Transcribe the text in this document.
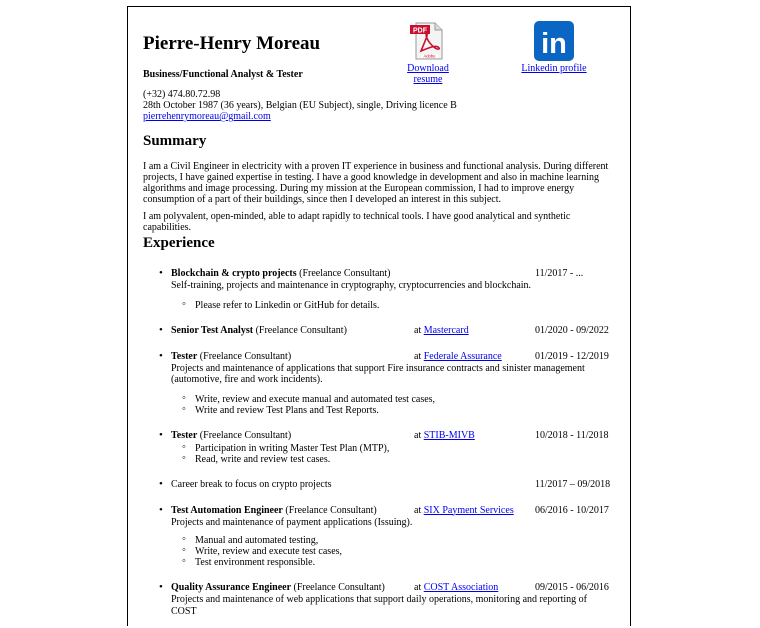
Pierre-Henry Moreau
Business/Functional Analyst & Tester
(+32) 474.80.72.98
28th October 1987 (36 years), Belgian (EU Subject), single, Driving licence B
pierrehenrymoreau@gmail.com
PDF
Adobe
Download resume
in
Linkedin profile
Summary

I am a Civil Engineer in electricity with a proven IT experience in business and functional analysis. During different projects, I have gained expertise in testing. I have a good knowledge in development and also in machine learning algorithms and image processing. During my mission at the European commission, I had to improve energy consumption of a part of their buildings, since then I developed an interest in this subject.

I am polyvalent, open-minded, able to adapt rapidly to technical tools. I have good analytical and synthetic capabilities.

Experience
• Blockchain & crypto projects (Freelance Consultant)	11/2017 - ...

Self-training, projects and maintenance in cryptography, cryptocurrencies and blockchain.

◦ Please refer to Linkedin or GitHub for details.
• Senior Test Analyst (Freelance Consultant)	at Mastercard	01/2020 - 09/2022
• Tester (Freelance Consultant)	at Federale Assurance	01/2019 - 12/2019

Projects and maintenance of applications that support Fire insurance contracts and sinister management (automotive, fire and work incidents).

◦ Write, review and execute manual and automated test cases,
◦ Write and review Test Plans and Test Reports.
• Tester (Freelance Consultant)	at STIB-MIVB	10/2018 - 11/2018
◦ Participation in writing Master Test Plan (MTP),
◦ Read, write and review test cases.
• Career break to focus on crypto projects	11/2017 – 09/2018
• Test Automation Engineer (Freelance Consultant)	at SIX Payment Services 06/2016 - 10/2017

Projects and maintenance of payment applications (Issuing).

◦ Manual and automated testing,
◦ Write, review and execute test cases,
◦ Test environment responsible.
• Quality Assurance Engineer (Freelance Consultant)	at COST Association	09/2015 - 06/2016

Projects and maintenance of web applications that support daily operations, monitoring and reporting of COST
